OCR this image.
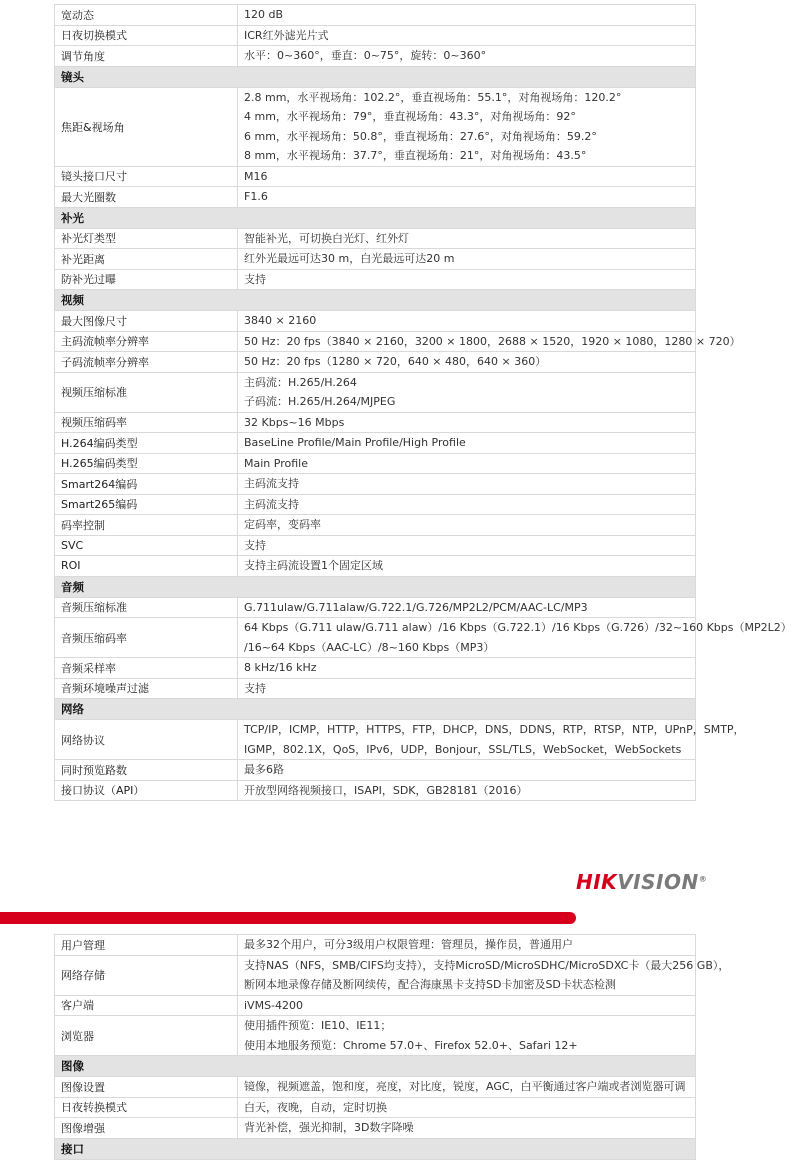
宽动态	120 dB

日夜切换模式	ICR红外滤光片式

调节角度	水平：0~360°，垂直：0~75°，旋转：0~360°

镜头	
焦距&视场角	2.8 mm，水平视场角：102.2°，垂直视场角：55.1°，对角视场角：120.2°
4 mm，水平视场角：79°，垂直视场角：43.3°，对角视场角：92°
6 mm，水平视场角：50.8°，垂直视场角：27.6°，对角视场角：59.2°
8 mm，水平视场角：37.7°，垂直视场角：21°，对角视场角：43.5°

镜头接口尺寸	M16

最大光圈数	F1.6

补光	
补光灯类型	智能补光，可切换白光灯、红外灯

补光距离	红外光最远可达30 m，白光最远可达20 m

防补光过曝	支持

视频	
最大图像尺寸	3840 × 2160

主码流帧率分辨率	50 Hz：20 fps（3840 × 2160，3200 × 1800，2688 × 1520，1920 × 1080，1280 × 720）

子码流帧率分辨率	50 Hz：20 fps（1280 × 720，640 × 480，640 × 360）

视频压缩标准	主码流：H.265/H.264
子码流：H.265/H.264/MJPEG

视频压缩码率	32 Kbps~16 Mbps

H.264编码类型	BaseLine Profile/Main Profile/High Profile

H.265编码类型	Main Profile

Smart264编码	主码流支持

Smart265编码	主码流支持

码率控制	定码率，变码率

SVC	支持

ROI	支持主码流设置1个固定区域

音频	
音频压缩标准	G.711ulaw/G.711alaw/G.722.1/G.726/MP2L2/PCM/AAC-LC/MP3

音频压缩码率	64 Kbps（G.711 ulaw/G.711 alaw）/16 Kbps（G.722.1）/16 Kbps（G.726）/32~160 Kbps（MP2L2）
/16~64 Kbps（AAC-LC）/8~160 Kbps（MP3）

音频采样率	8 kHz/16 kHz

音频环境噪声过滤	支持

网络	
网络协议	TCP/IP，ICMP，HTTP，HTTPS，FTP，DHCP，DNS，DDNS，RTP，RTSP，NTP，UPnP，SMTP，
IGMP，802.1X，QoS，IPv6，UDP，Bonjour，SSL/TLS，WebSocket，WebSockets

同时预览路数	最多6路

接口协议（API）	开放型网络视频接口，ISAPI，SDK，GB28181（2016）
HIKVISION®
用户管理	最多32个用户，可分3级用户权限管理：管理员，操作员，普通用户

网络存储	支持NAS（NFS，SMB/CIFS均支持），支持MicroSD/MicroSDHC/MicroSDXC卡（最大256 GB），
断网本地录像存储及断网续传，配合海康黑卡支持SD卡加密及SD卡状态检测

客户端	iVMS-4200

浏览器	使用插件预览：IE10、IE11；
使用本地服务预览：Chrome 57.0+、Firefox 52.0+、Safari 12+

图像	
图像设置	镜像，视频遮盖，饱和度，亮度，对比度，锐度，AGC，白平衡通过客户端或者浏览器可调

日夜转换模式	白天，夜晚，自动，定时切换

图像增强	背光补偿，强光抑制，3D数字降噪

接口	
